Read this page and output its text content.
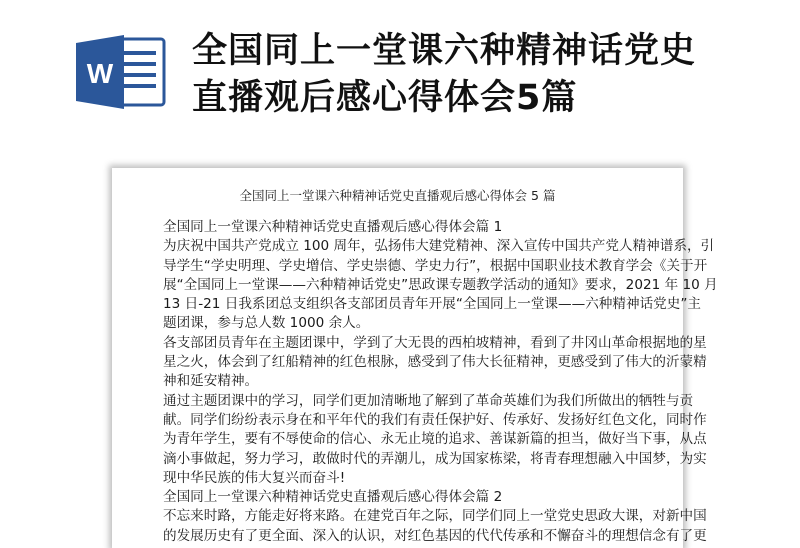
W
全国同上一堂课六种精神话党史
直播观后感心得体会5篇
全国同上一堂课六种精神话党史直播观后感心得体会 5 篇
全国同上一堂课六种精神话党史直播观后感心得体会篇 1
为庆祝中国共产党成立 100 周年，弘扬伟大建党精神、深入宣传中国共产党人精神谱系，引
导学生“学史明理、学史增信、学史崇德、学史力行”，根据中国职业技术教育学会《关于开
展“全国同上一堂课——六种精神话党史”思政课专题教学活动的通知》要求，2021 年 10 月
13 日-21 日我系团总支组织各支部团员青年开展“全国同上一堂课——六种精神话党史”主
题团课，参与总人数 1000 余人。
各支部团员青年在主题团课中，学到了大无畏的西柏坡精神，看到了井冈山革命根据地的星
星之火，体会到了红船精神的红色根脉，感受到了伟大长征精神，更感受到了伟大的沂蒙精
神和延安精神。
通过主题团课中的学习，同学们更加清晰地了解到了革命英雄们为我们所做出的牺牲与贡
献。同学们纷纷表示身在和平年代的我们有责任保护好、传承好、发扬好红色文化，同时作
为青年学生，要有不辱使命的信心、永无止境的追求、善谋新篇的担当，做好当下事，从点
滴小事做起，努力学习，敢做时代的弄潮儿，成为国家栋梁，将青春理想融入中国梦，为实
现中华民族的伟大复兴而奋斗!
全国同上一堂课六种精神话党史直播观后感心得体会篇 2
不忘来时路，方能走好将来路。在建党百年之际，同学们同上一堂党史思政大课，对新中国
的发展历史有了更全面、深入的认识，对红色基因的代代传承和不懈奋斗的理想信念有了更
